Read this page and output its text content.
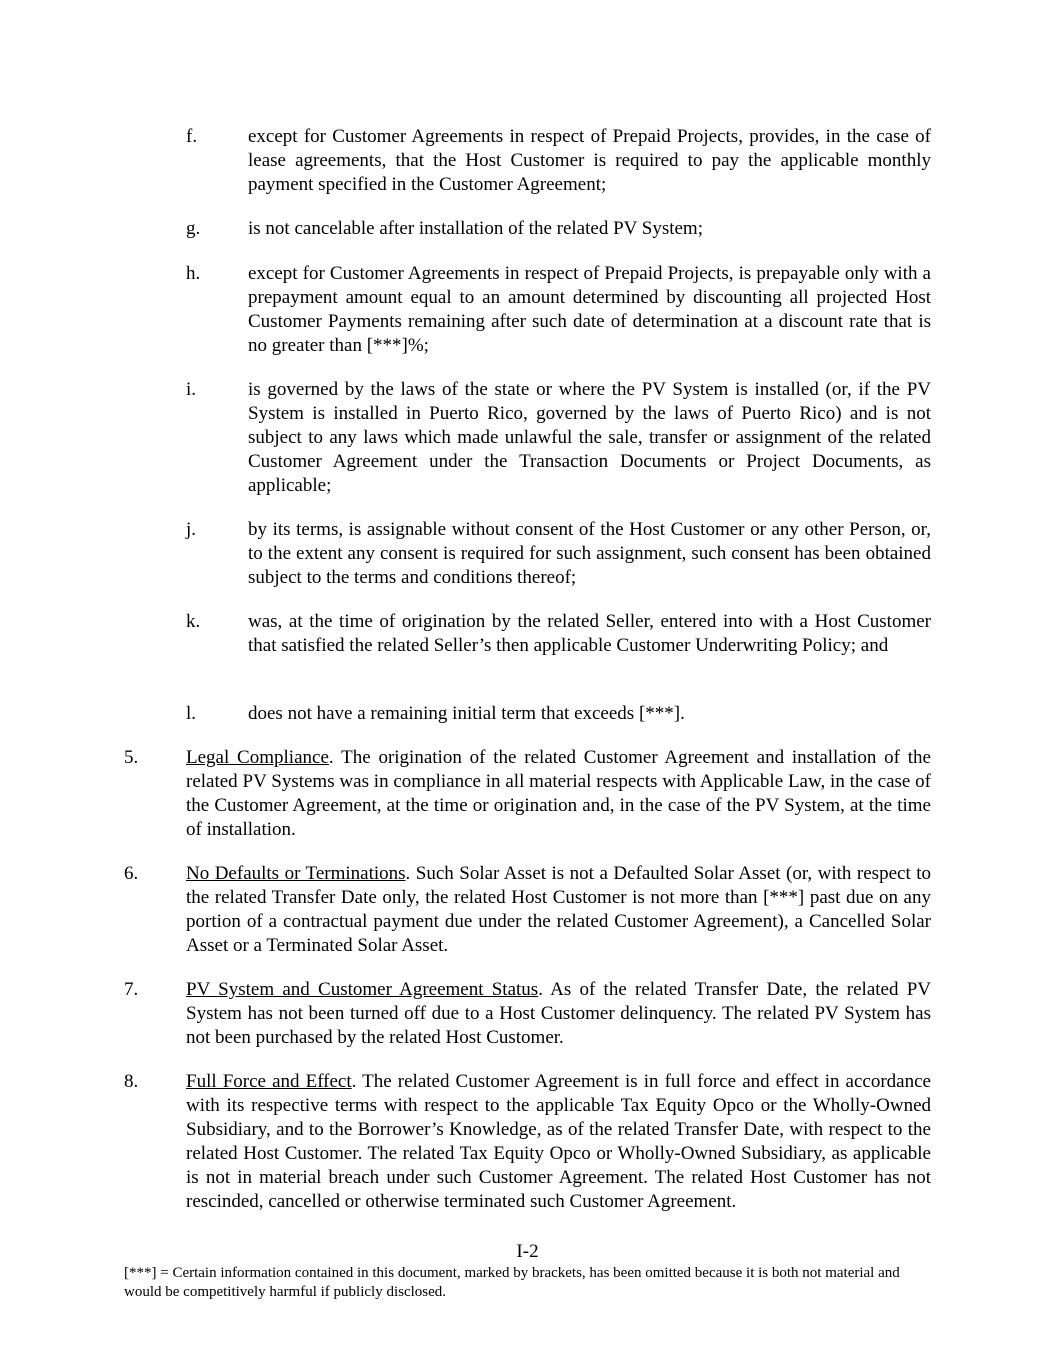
f.	except for Customer Agreements in respect of Prepaid Projects, provides, in the case of lease agreements, that the Host Customer is required to pay the applicable monthly payment specified in the Customer Agreement;
g.	is not cancelable after installation of the related PV System;
h.	except for Customer Agreements in respect of Prepaid Projects, is prepayable only with a prepayment amount equal to an amount determined by discounting all projected Host Customer Payments remaining after such date of determination at a discount rate that is no greater than [***]%;
i.	is governed by the laws of the state or where the PV System is installed (or, if the PV System is installed in Puerto Rico, governed by the laws of Puerto Rico) and is not subject to any laws which made unlawful the sale, transfer or assignment of the related Customer Agreement under the Transaction Documents or Project Documents, as applicable;
j.	by its terms, is assignable without consent of the Host Customer or any other Person, or, to the extent any consent is required for such assignment, such consent has been obtained subject to the terms and conditions thereof;
k.	was, at the time of origination by the related Seller, entered into with a Host Customer that satisfied the related Seller’s then applicable Customer Underwriting Policy; and
l.	does not have a remaining initial term that exceeds [***].
5.	Legal Compliance. The origination of the related Customer Agreement and installation of the related PV Systems was in compliance in all material respects with Applicable Law, in the case of the Customer Agreement, at the time or origination and, in the case of the PV System, at the time of installation.
6.	No Defaults or Terminations. Such Solar Asset is not a Defaulted Solar Asset (or, with respect to the related Transfer Date only, the related Host Customer is not more than [***] past due on any portion of a contractual payment due under the related Customer Agreement), a Cancelled Solar Asset or a Terminated Solar Asset.
7.	PV System and Customer Agreement Status. As of the related Transfer Date, the related PV System has not been turned off due to a Host Customer delinquency. The related PV System has not been purchased by the related Host Customer.
8.	Full Force and Effect. The related Customer Agreement is in full force and effect in accordance with its respective terms with respect to the applicable Tax Equity Opco or the Wholly-Owned Subsidiary, and to the Borrower’s Knowledge, as of the related Transfer Date, with respect to the related Host Customer. The related Tax Equity Opco or Wholly-Owned Subsidiary, as applicable is not in material breach under such Customer Agreement. The related Host Customer has not rescinded, cancelled or otherwise terminated such Customer Agreement.
I-2
[***] = Certain information contained in this document, marked by brackets, has been omitted because it is both not material and would be competitively harmful if publicly disclosed.
